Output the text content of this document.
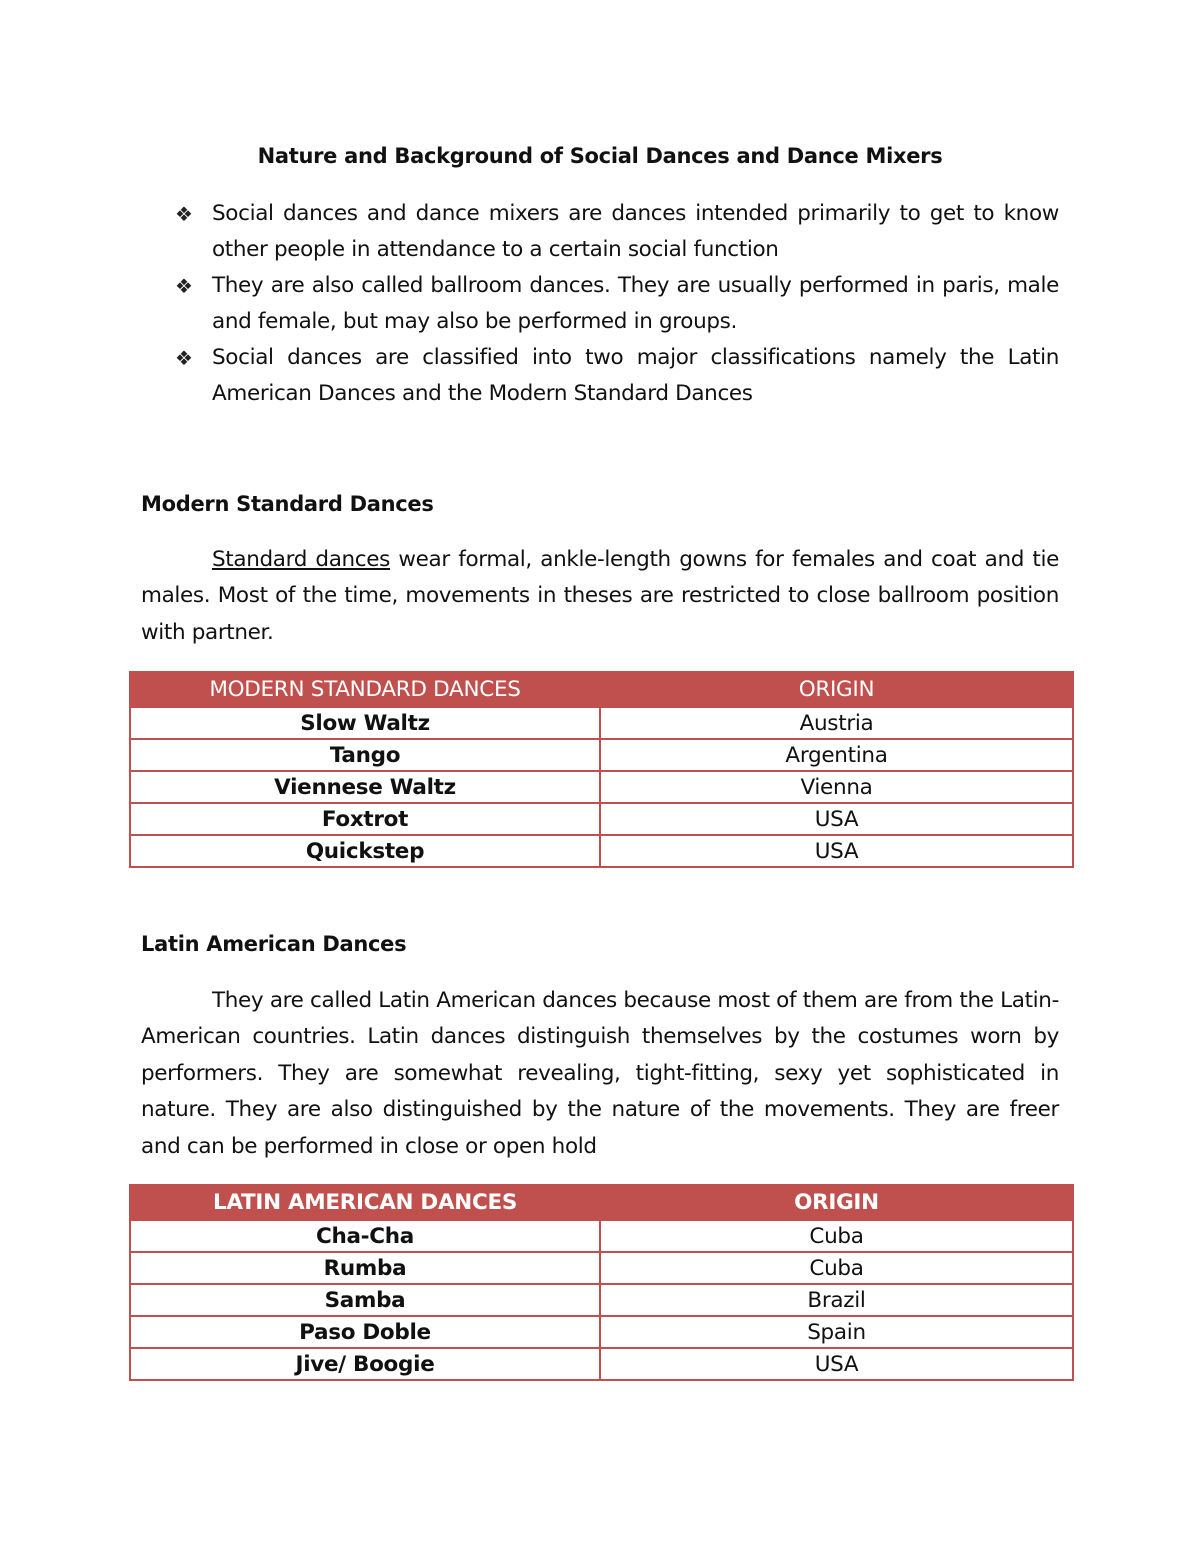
Nature and Background of Social Dances and Dance Mixers
❖ Social dances and dance mixers are dances intended primarily to get to know other people in attendance to a certain social function
❖ They are also called ballroom dances. They are usually performed in paris, male and female, but may also be performed in groups.
❖ Social dances are classified into two major classifications namely the Latin American Dances and the Modern Standard Dances
Modern Standard Dances

Standard dances wear formal, ankle-length gowns for females and coat and tie males. Most of the time, movements in theses are restricted to close ballroom position with partner.

MODERN STANDARD DANCES	ORIGIN
Slow Waltz	Austria
Tango	Argentina
Viennese Waltz	Vienna
Foxtrot	USA
Quickstep	USA
Latin American Dances

They are called Latin American dances because most of them are from the Latin-American countries. Latin dances distinguish themselves by the costumes worn by performers. They are somewhat revealing, tight-fitting, sexy yet sophisticated in nature. They are also distinguished by the nature of the movements. They are freer and can be performed in close or open hold

LATIN AMERICAN DANCES	ORIGIN
Cha-Cha	Cuba
Rumba	Cuba
Samba	Brazil
Paso Doble	Spain
Jive/ Boogie	USA
